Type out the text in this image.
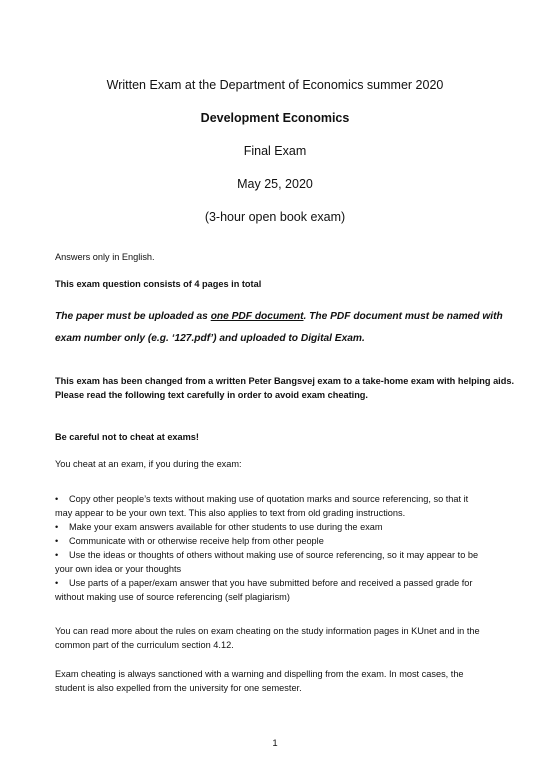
Written Exam at the Department of Economics summer 2020
Development Economics
Final Exam
May 25, 2020
(3-hour open book exam)
Answers only in English.
This exam question consists of 4 pages in total
The paper must be uploaded as one PDF document. The PDF document must be named with
exam number only (e.g. ‘127.pdf’) and uploaded to Digital Exam.
This exam has been changed from a written Peter Bangsvej exam to a take-home exam with helping aids.
Please read the following text carefully in order to avoid exam cheating.
Be careful not to cheat at exams!
You cheat at an exam, if you during the exam:
• Copy other people’s texts without making use of quotation marks and source referencing, so that it
may appear to be your own text. This also applies to text from old grading instructions.
• Make your exam answers available for other students to use during the exam
• Communicate with or otherwise receive help from other people
• Use the ideas or thoughts of others without making use of source referencing, so it may appear to be
your own idea or your thoughts
• Use parts of a paper/exam answer that you have submitted before and received a passed grade for
without making use of source referencing (self plagiarism)
You can read more about the rules on exam cheating on the study information pages in KUnet and in the
common part of the curriculum section 4.12.
Exam cheating is always sanctioned with a warning and dispelling from the exam. In most cases, the
student is also expelled from the university for one semester.
1
